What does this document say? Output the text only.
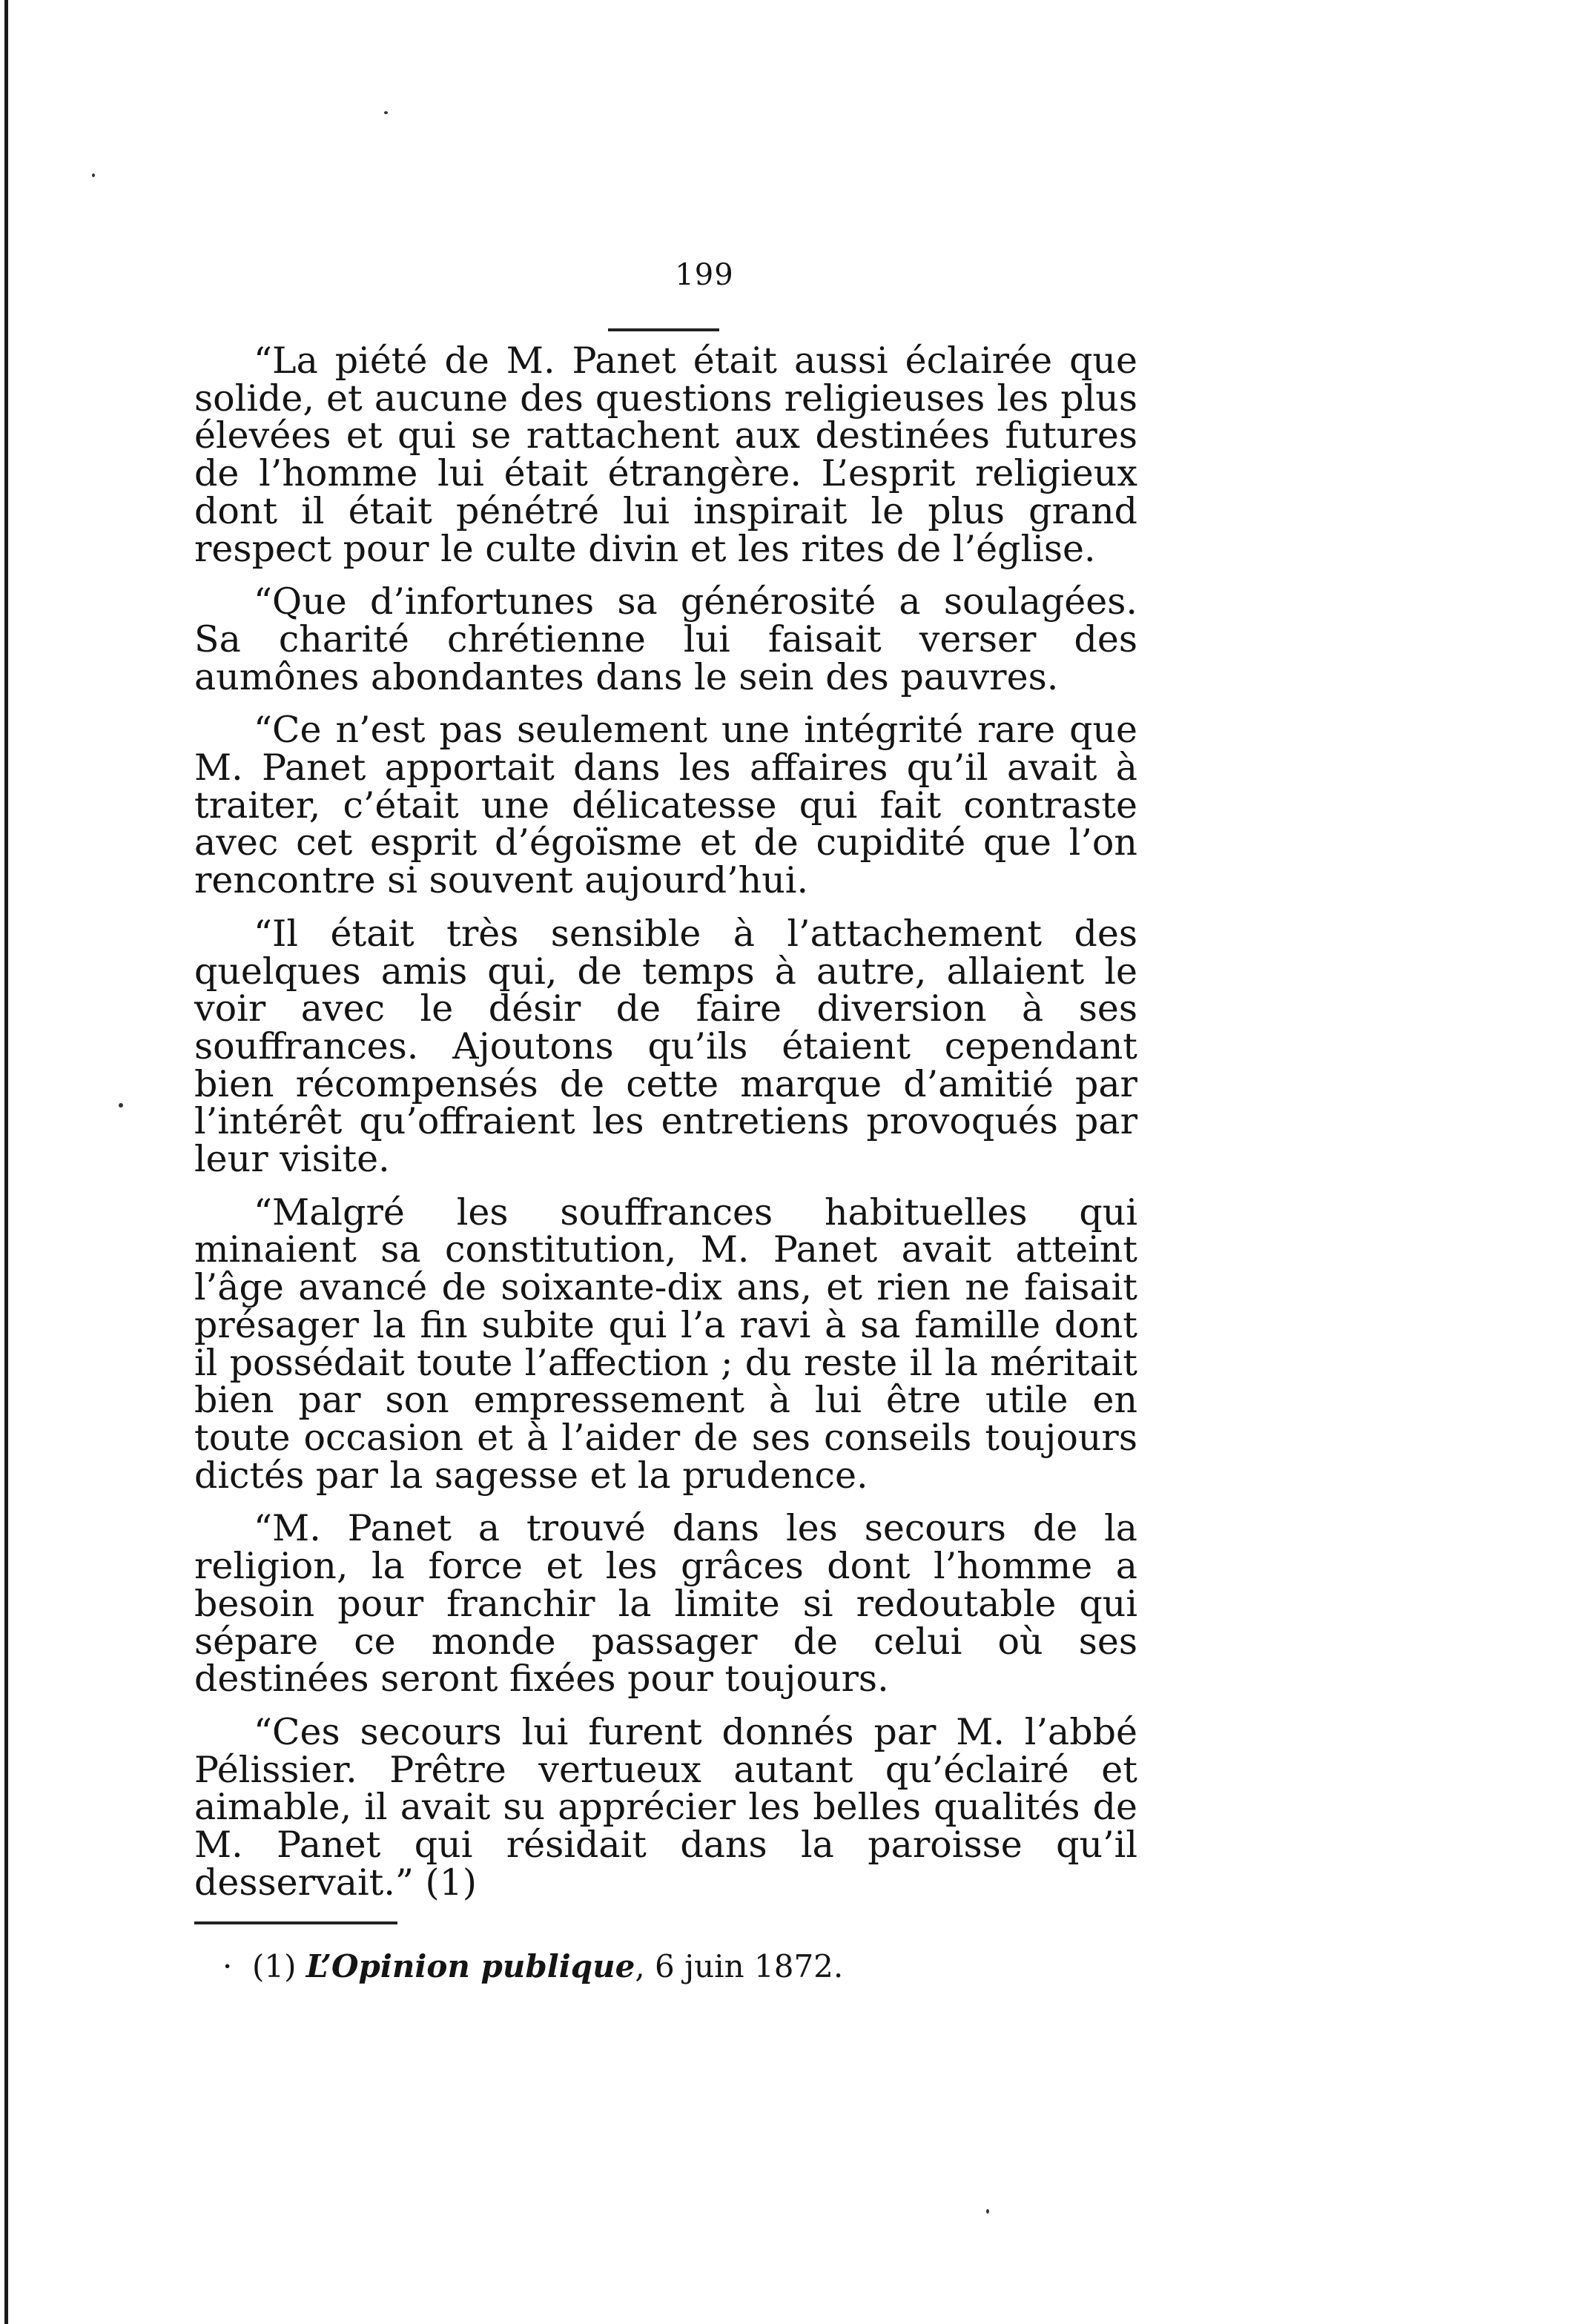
199

“La piété de M. Panet était aussi éclairée que solide, et aucune des questions religieuses les plus élevées et qui se rattachent aux destinées futures de l’homme lui était étrangère. L’esprit religieux dont il était pénétré lui inspirait le plus grand respect pour le culte divin et les rites de l’église.

“Que d’infortunes sa générosité a soulagées. Sa charité chrétienne lui faisait verser des aumônes abondantes dans le sein des pauvres.

“Ce n’est pas seulement une intégrité rare que M. Panet apportait dans les affaires qu’il avait à traiter, c’était une délicatesse qui fait contraste avec cet esprit d’égoïsme et de cupidité que l’on rencontre si souvent aujourd’hui.

“Il était très sensible à l’attachement des quelques amis qui, de temps à autre, allaient le voir avec le désir de faire diversion à ses souffrances. Ajoutons qu’ils étaient cependant bien récompensés de cette marque d’amitié par l’intérêt qu’offraient les entretiens provoqués par leur visite.

“Malgré les souffrances habituelles qui minaient sa constitution, M. Panet avait atteint l’âge avancé de soixante-dix ans, et rien ne faisait présager la fin subite qui l’a ravi à sa famille dont il possédait toute l’affection ; du reste il la méritait bien par son empressement à lui être utile en toute occasion et à l’aider de ses conseils toujours dictés par la sagesse et la prudence.

“M. Panet a trouvé dans les secours de la religion, la force et les grâces dont l’homme a besoin pour franchir la limite si redoutable qui sépare ce monde passager de celui où ses destinées seront fixées pour toujours.

“Ces secours lui furent donnés par M. l’abbé Pélissier. Prêtre vertueux autant qu’éclairé et aimable, il avait su apprécier les belles qualités de M. Panet qui résidait dans la paroisse qu’il desservait.” (1)

· (1) L’Opinion publique, 6 juin 1872.
